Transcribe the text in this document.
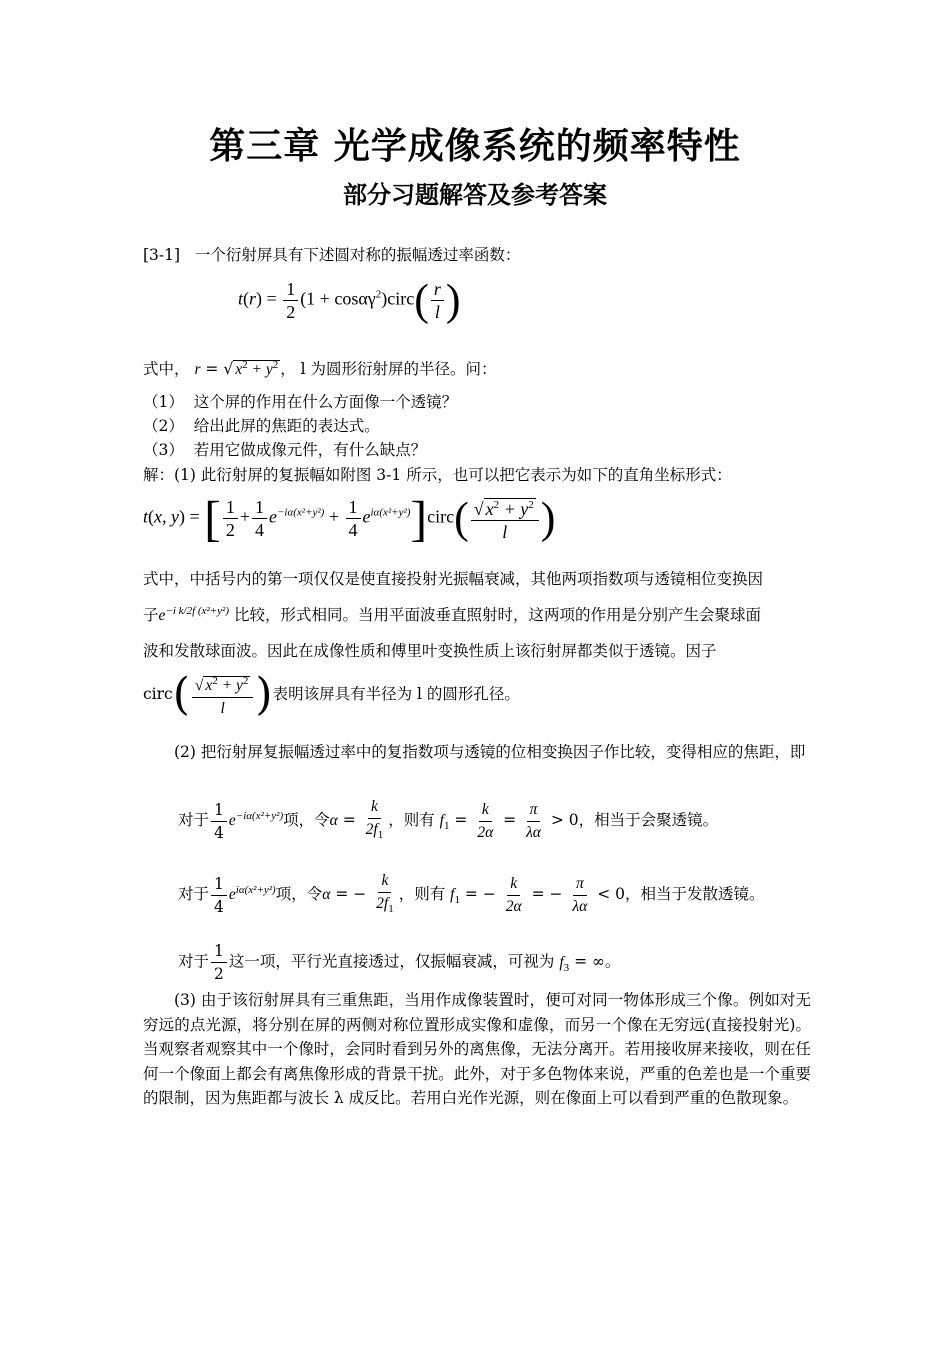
第三章 光学成像系统的频率特性
部分习题解答及参考答案
[3-1] 一个衍射屏具有下述圆对称的振幅透过率函数：
$t(r) = \frac{1}{2} (1$ + cosαγ$^2$)circ( $\frac{r}{l}$ )
式中， r = √ $x^2 + y^2$ ， l 为圆形衍射屏的半径。问：
（1） 这个屏的作用在什么方面像一个透镜？
（2） 给出此屏的焦距的表达式。
（3） 若用它做成像元件，有什么缺点？
解：(1) 此衍射屏的复振幅如附图 3-1 所示，也可以把它表示为如下的直角坐标形式：
t(x, y) = [ $\frac{1}{2} + \frac{1}{4} e^{-i\alpha(x^2+y^2)} + \frac{1}{4}$ $e^{i\alpha(x^2+y^2)}]circ( \frac{√ x^2 + y^2}{l}$ )
式中，中括号内的第一项仅仅是使直接投射光振幅衰减，其他两项指数项与透镜相位变换因
子$e^{-i k/2f (x^2+y^2)}$ 比较，形式相同。当用平面波垂直照射时，这两项的作用是分别产生会聚球面
波和发散球面波。因此在成像性质和傅里叶变换性质上该衍射屏都类似于透镜。因子
circ( $\frac{√ x^2 + y^2}{l}$ )表明该屏具有半径为 l 的圆形孔径。
(2) 把衍射屏复振幅透过率中的复指数项与透镜的位相变换因子作比较，变得相应的焦距，即
对于 $\frac{1}{4} e^{-i\alpha(x^2+y^2)}$项，令$\alpha = \frac{k}{2f_1}$ ，则有 $f_1 = \frac{k}{2\alpha} = \frac{\pi}{\lambda\alpha} > 0$，相当于会聚透镜。
对于 $\frac{1}{4} e^{i\alpha(x^2+y^2)}$项，令α = − $\frac{k}{2f_1}$ ，则有 $f_1$ = − $\frac{k}{2\alpha}$ = − $\frac{\pi}{\lambda\alpha} < 0$，相当于发散透镜。
对于 $\frac{1}{2}$ 这一项，平行光直接透过，仅振幅衰减，可视为 $f_3$ = ∞。
(3) 由于该衍射屏具有三重焦距，当用作成像装置时，便可对同一物体形成三个像。例如对无穷远的点光源，将分别在屏的两侧对称位置形成实像和虚像，而另一个像在无穷远(直接投射光)。当观察者观察其中一个像时，会同时看到另外的离焦像，无法分离开。若用接收屏来接收，则在任何一个像面上都会有离焦像形成的背景干扰。此外，对于多色物体来说，严重的色差也是一个重要的限制，因为焦距都与波长 λ 成反比。若用白光作光源，则在像面上可以看到严重的色散现象。
